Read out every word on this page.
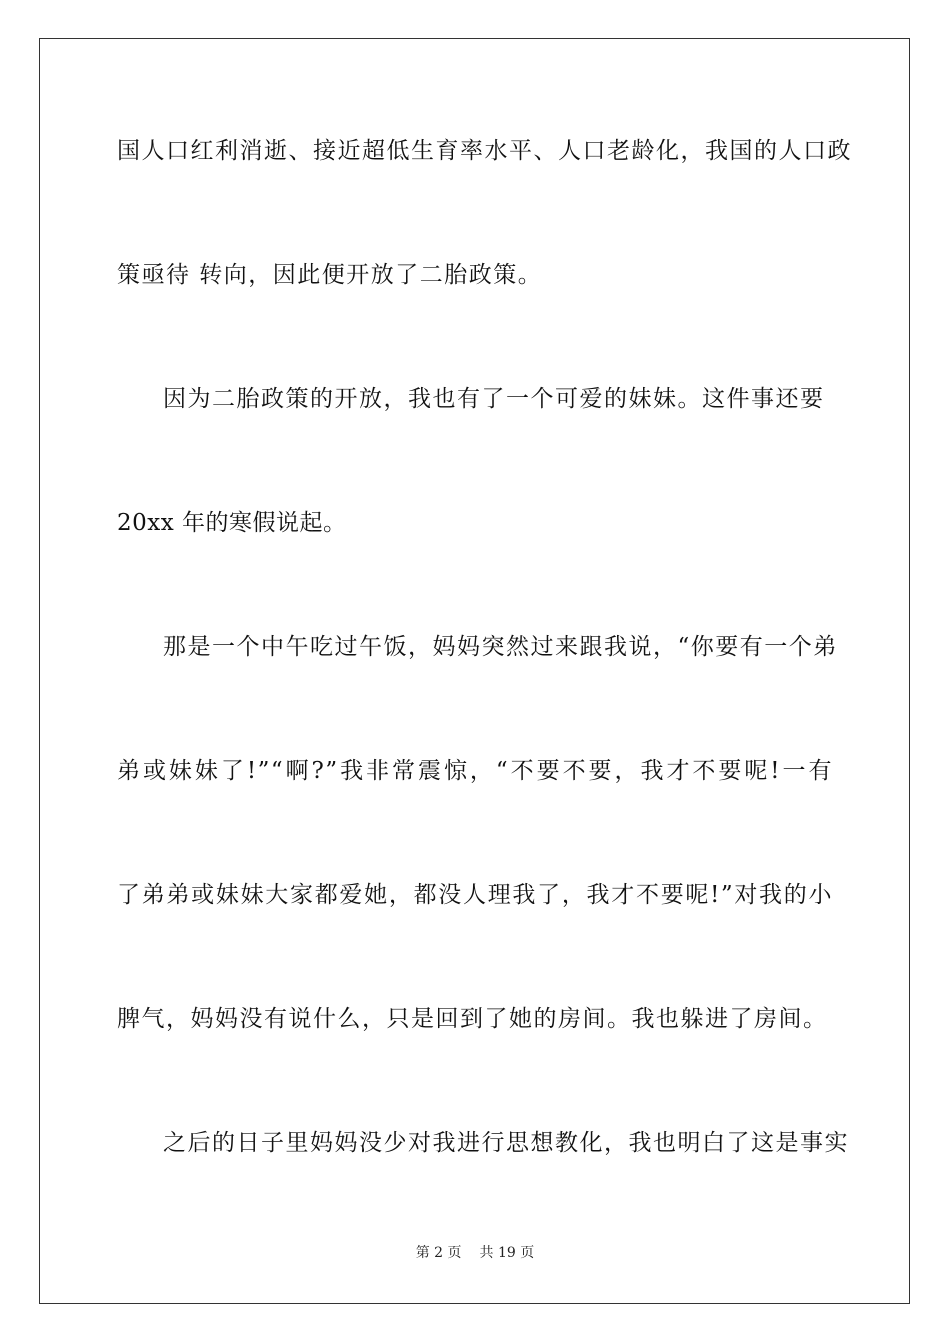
国人口红利消逝、接近超低生育率水平、人口老龄化，我国的人口政
策亟待 转向，因此便开放了二胎政策。
因为二胎政策的开放，我也有了一个可爱的妹妹。这件事还要
20xx 年的寒假说起。
那是一个中午吃过午饭，妈妈突然过来跟我说，“你要有一个弟
弟或妹妹了!”“啊?”我非常震惊，“不要不要，我才不要呢!一有
了弟弟或妹妹大家都爱她，都没人理我了，我才不要呢!”对我的小
脾气，妈妈没有说什么，只是回到了她的房间。我也躲进了房间。
之后的日子里妈妈没少对我进行思想教化，我也明白了这是事实
第 2 页 共 19 页
